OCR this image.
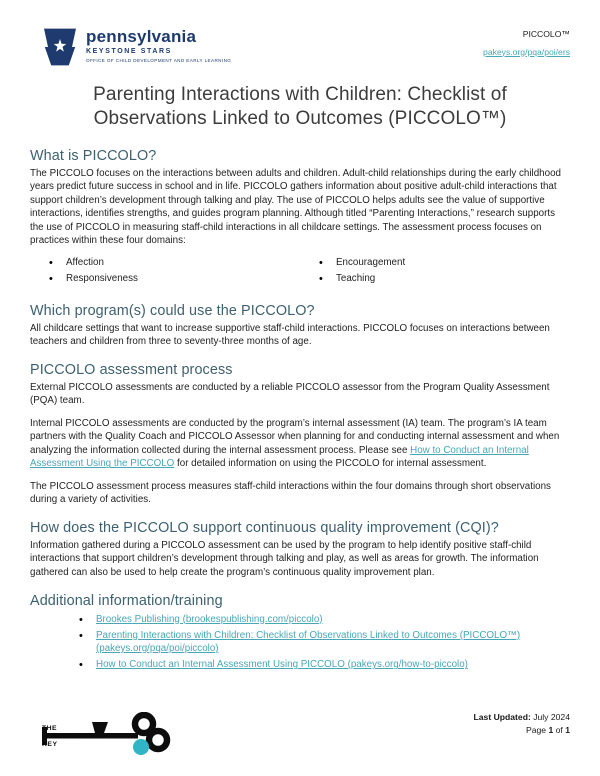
pennsylvania
KEYSTONE STARS
OFFICE OF CHILD DEVELOPMENT AND EARLY LEARNING
PICCOLO™
pakeys.org/pqa/poi/ers
Parenting Interactions with Children: Checklist of Observations Linked to Outcomes (PICCOLO™)
What is PICCOLO?

The PICCOLO focuses on the interactions between adults and children. Adult-child relationships during the early childhood years predict future success in school and in life. PICCOLO gathers information about positive adult-child interactions that support children’s development through talking and play. The use of PICCOLO helps adults see the value of supportive interactions, identifies strengths, and guides program planning. Although titled “Parenting Interactions,” research supports the use of PICCOLO in measuring staff-child interactions in all childcare settings. The assessment process focuses on practices within these four domains:

• Affection
• Responsiveness
• Encouragement
• Teaching
Which program(s) could use the PICCOLO?

All childcare settings that want to increase supportive staff-child interactions. PICCOLO focuses on interactions between teachers and children from three to seventy-three months of age.

PICCOLO assessment process

External PICCOLO assessments are conducted by a reliable PICCOLO assessor from the Program Quality Assessment (PQA) team.

Internal PICCOLO assessments are conducted by the program’s internal assessment (IA) team. The program’s IA team partners with the Quality Coach and PICCOLO Assessor when planning for and conducting internal assessment and when analyzing the information collected during the internal assessment process. Please see How to Conduct an Internal Assessment Using the PICCOLO for detailed information on using the PICCOLO for internal assessment.

The PICCOLO assessment process measures staff-child interactions within the four domains through short observations during a variety of activities.

How does the PICCOLO support continuous quality improvement (CQI)?

Information gathered during a PICCOLO assessment can be used by the program to help identify positive staff-child interactions that support children’s development through talking and play, as well as areas for growth. The information gathered can also be used to help create the program’s continuous quality improvement plan.

Additional information/training
• Brookes Publishing (brookespublishing.com/piccolo)
• Parenting Interactions with Children: Checklist of Observations Linked to Outcomes (PICCOLO™) (pakeys.org/pqa/poi/piccolo)
• How to Conduct an Internal Assessment Using PICCOLO (pakeys.org/how-to-piccolo)
THE
PENNSYLVANIA
KEY
Last Updated: July 2024
Page 1 of 1
